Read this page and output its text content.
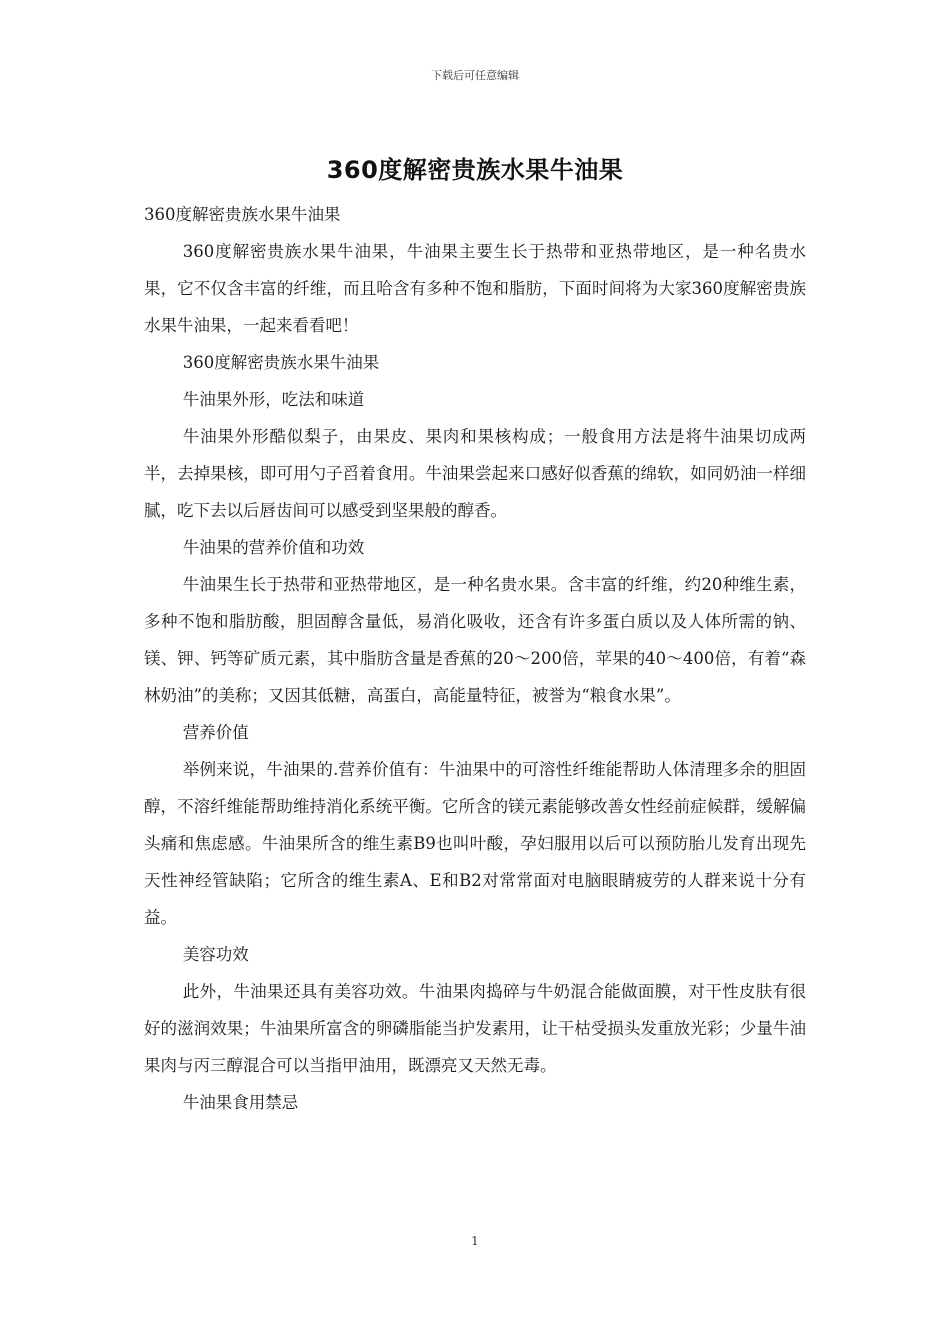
下载后可任意编辑
360度解密贵族水果牛油果

360度解密贵族水果牛油果

360度解密贵族水果牛油果，牛油果主要生长于热带和亚热带地区，是一种名贵水果，它不仅含丰富的纤维，而且哈含有多种不饱和脂肪，下面时间将为大家360度解密贵族水果牛油果，一起来看看吧！

360度解密贵族水果牛油果

牛油果外形，吃法和味道

牛油果外形酷似梨子，由果皮、果肉和果核构成；一般食用方法是将牛油果切成两半，去掉果核，即可用勺子舀着食用。牛油果尝起来口感好似香蕉的绵软，如同奶油一样细腻，吃下去以后唇齿间可以感受到坚果般的醇香。

牛油果的营养价值和功效

牛油果生长于热带和亚热带地区，是一种名贵水果。含丰富的纤维，约20种维生素，多种不饱和脂肪酸，胆固醇含量低，易消化吸收，还含有许多蛋白质以及人体所需的钠、镁、钾、钙等矿质元素，其中脂肪含量是香蕉的20～200倍，苹果的40～400倍，有着“森林奶油”的美称；又因其低糖，高蛋白，高能量特征，被誉为“粮食水果”。

营养价值

举例来说，牛油果的.营养价值有：牛油果中的可溶性纤维能帮助人体清理多余的胆固醇，不溶纤维能帮助维持消化系统平衡。它所含的镁元素能够改善女性经前症候群，缓解偏头痛和焦虑感。牛油果所含的维生素B9也叫叶酸，孕妇服用以后可以预防胎儿发育出现先天性神经管缺陷；它所含的维生素A、E和B2对常常面对电脑眼睛疲劳的人群来说十分有益。

美容功效

此外，牛油果还具有美容功效。牛油果肉捣碎与牛奶混合能做面膜，对干性皮肤有很好的滋润效果；牛油果所富含的卵磷脂能当护发素用，让干枯受损头发重放光彩；少量牛油果肉与丙三醇混合可以当指甲油用，既漂亮又天然无毒。

牛油果食用禁忌

1
